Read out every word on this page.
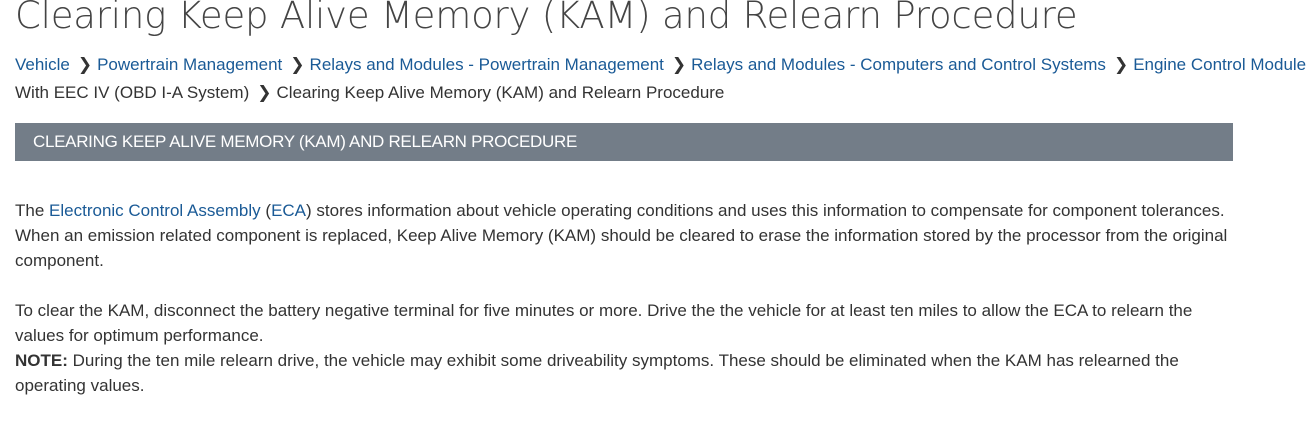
Clearing Keep Alive Memory (KAM) and Relearn Procedure
Vehicle ❯ Powertrain Management ❯ Relays and Modules - Powertrain Management ❯ Relays and Modules - Computers and Control Systems ❯ Engine Control Module
With EEC IV (OBD I-A System) ❯ Clearing Keep Alive Memory (KAM) and Relearn Procedure
CLEARING KEEP ALIVE MEMORY (KAM) AND RELEARN PROCEDURE

The Electronic Control Assembly (ECA) stores information about vehicle operating conditions and uses this information to compensate for component tolerances. When an emission related component is replaced, Keep Alive Memory (KAM) should be cleared to erase the information stored by the processor from the original component.

To clear the KAM, disconnect the battery negative terminal for five minutes or more. Drive the the vehicle for at least ten miles to allow the ECA to relearn the values for optimum performance.

NOTE: During the ten mile relearn drive, the vehicle may exhibit some driveability symptoms. These should be eliminated when the KAM has relearned the operating values.
